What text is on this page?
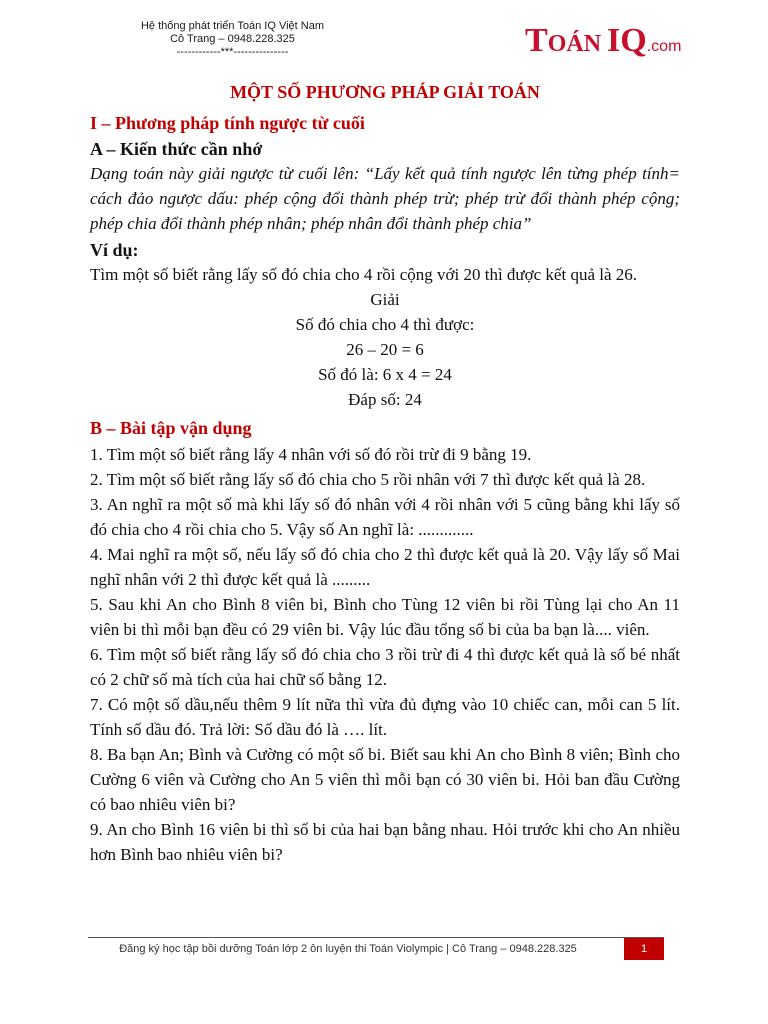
Hệ thống phát triển Toán IQ Việt Nam
Cô Trang – 0948.228.325
------------***---------------	TOÁN IQ.com
MỘT SỐ PHƯƠNG PHÁP GIẢI TOÁN
I – Phương pháp tính ngược từ cuối
A – Kiến thức cần nhớ

Dạng toán này giải ngược từ cuối lên: “Lấy kết quả tính ngược lên từng phép tính= cách đảo ngược dấu: phép cộng đổi thành phép trừ; phép trừ đổi thành phép cộng; phép chia đổi thành phép nhân; phép nhân đổi thành phép chia”

Ví dụ:

Tìm một số biết rằng lấy số đó chia cho 4 rồi cộng với 20 thì được kết quả là 26.

Giải

Số đó chia cho 4 thì được:

26 – 20 = 6

Số đó là: 6 x 4 = 24

Đáp số: 24

B – Bài tập vận dụng
1. Tìm một số biết rằng lấy 4 nhân với số đó rồi trừ đi 9 bằng 19.
2. Tìm một số biết rằng lấy số đó chia cho 5 rồi nhân với 7 thì được kết quả là 28.
3. An nghĩ ra một số mà khi lấy số đó nhân với 4 rồi nhân với 5 cũng bằng khi lấy số đó chia cho 4 rồi chia cho 5. Vậy số An nghĩ là: .............
4. Mai nghĩ ra một số, nếu lấy số đó chia cho 2 thì được kết quả là 20. Vậy lấy số Mai nghĩ nhân với 2 thì được kết quả là .........
5. Sau khi An cho Bình 8 viên bi, Bình cho Tùng 12 viên bi rồi Tùng lại cho An 11 viên bi thì mỗi bạn đều có 29 viên bi. Vậy lúc đầu tổng số bi của ba bạn là.... viên.
6. Tìm một số biết rằng lấy số đó chia cho 3 rồi trừ đi 4 thì được kết quả là số bé nhất có 2 chữ số mà tích của hai chữ số bằng 12.
7. Có một số dầu,nếu thêm 9 lít nữa thì vừa đủ đựng vào 10 chiếc can, mỗi can 5 lít. Tính số dầu đó. Trả lời: Số dầu đó là …. lít.
8. Ba bạn An; Bình và Cường có một số bi. Biết sau khi An cho Bình 8 viên; Bình cho Cường 6 viên và Cường cho An 5 viên thì mỗi bạn có 30 viên bi. Hỏi ban đầu Cường có bao nhiêu viên bi?
9. An cho Bình 16 viên bi thì số bi của hai bạn bằng nhau. Hỏi trước khi cho An nhiều hơn Bình bao nhiêu viên bi?
Đăng ký học tập bồi dưỡng Toán lớp 2 ôn luyện thi Toán Violympic | Cô Trang – 0948.228.325	1
